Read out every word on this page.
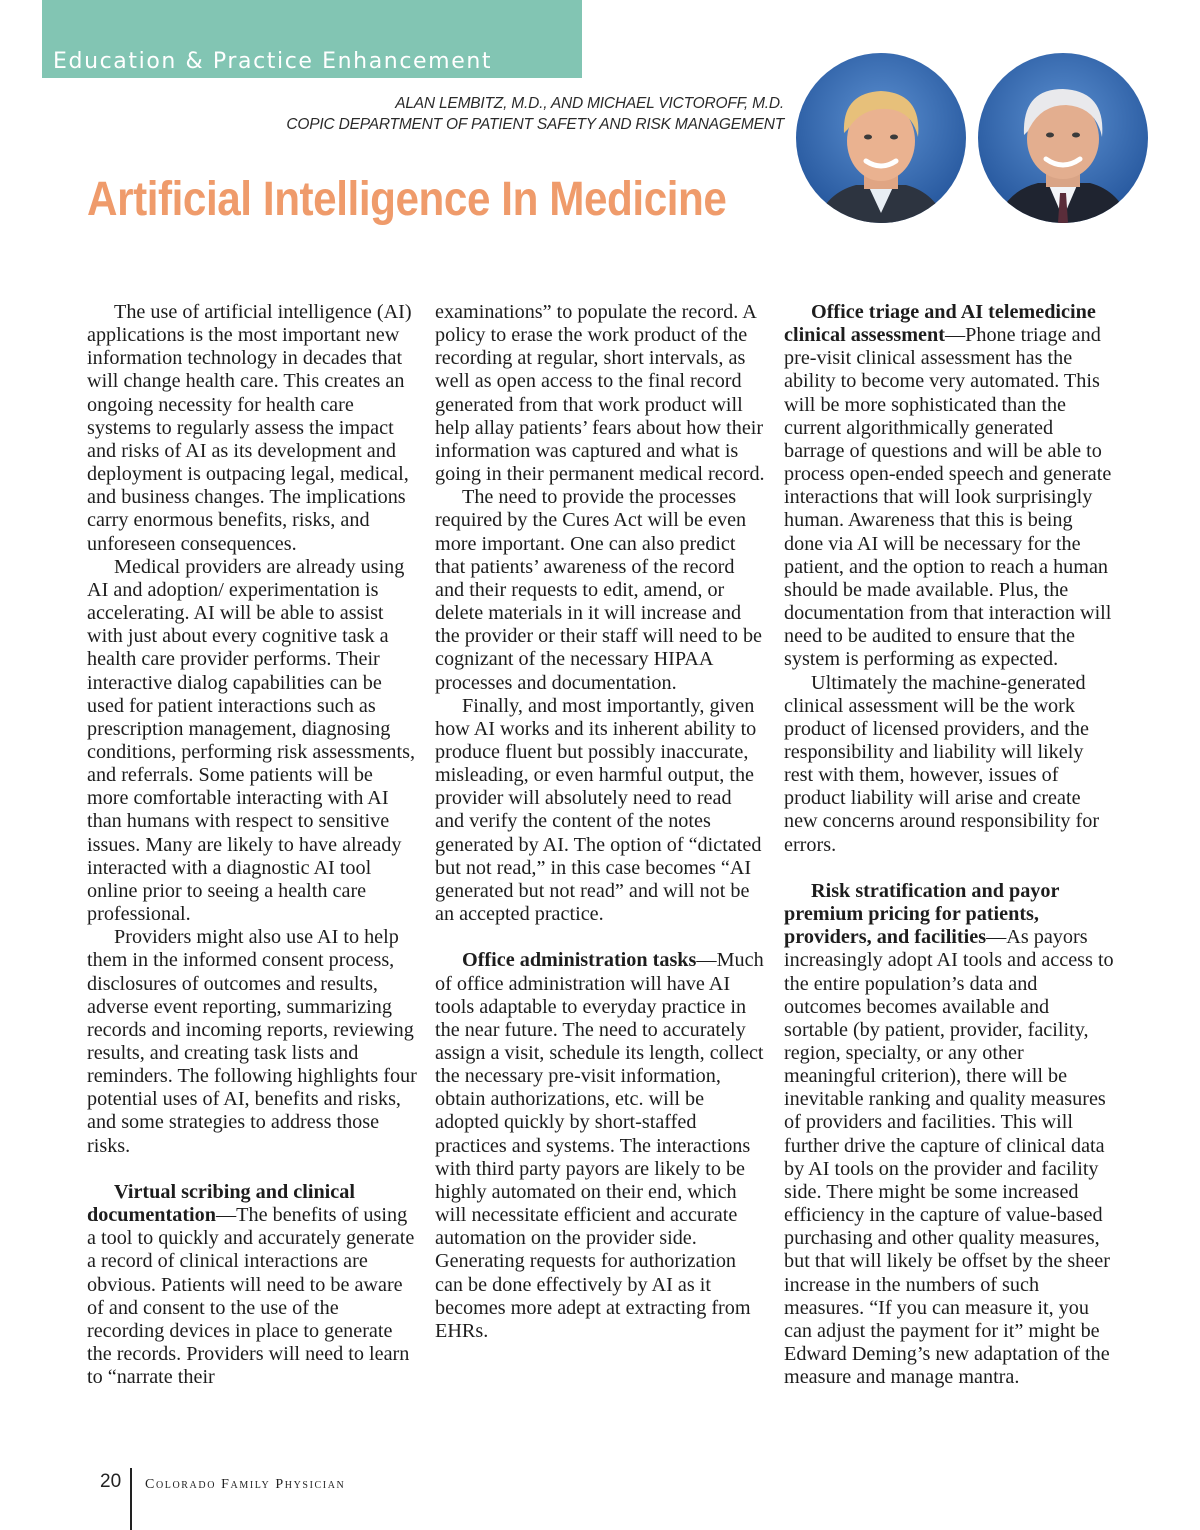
Education & Practice Enhancement
ALAN LEMBITZ, M.D., AND MICHAEL VICTOROFF, M.D.
COPIC DEPARTMENT OF PATIENT SAFETY AND RISK MANAGEMENT
Artificial Intelligence In Medicine

The use of artificial intelligence (AI) applications is the most important new information technology in decades that will change health care. This creates an ongoing necessity for health care systems to regularly assess the impact and risks of AI as its development and deployment is outpacing legal, medical, and business changes. The implications carry enormous benefits, risks, and unforeseen consequences.

Medical providers are already using AI and adoption/ experimentation is accelerating. AI will be able to assist with just about every cognitive task a health care provider performs. Their interactive dialog capabilities can be used for patient interactions such as prescription management, diagnosing conditions, performing risk assessments, and referrals. Some patients will be more comfortable interacting with AI than humans with respect to sensitive issues. Many are likely to have already interacted with a diagnostic AI tool online prior to seeing a health care professional.

Providers might also use AI to help them in the informed consent process, disclosures of outcomes and results, adverse event reporting, summarizing records and incoming reports, reviewing results, and creating task lists and reminders. The following highlights four potential uses of AI, benefits and risks, and some strategies to address those risks.

Virtual scribing and clinical documentation—The benefits of using a tool to quickly and accurately generate a record of clinical interactions are obvious. Patients will need to be aware of and consent to the use of the recording devices in place to generate the records. Providers will need to learn to “narrate their

examinations” to populate the record. A policy to erase the work product of the recording at regular, short intervals, as well as open access to the final record generated from that work product will help allay patients’ fears about how their information was captured and what is going in their permanent medical record.

The need to provide the processes required by the Cures Act will be even more important. One can also predict that patients’ awareness of the record and their requests to edit, amend, or delete materials in it will increase and the provider or their staff will need to be cognizant of the necessary HIPAA processes and documentation.

Finally, and most importantly, given how AI works and its inherent ability to produce fluent but possibly inaccurate, misleading, or even harmful output, the provider will absolutely need to read and verify the content of the notes generated by AI. The option of “dictated but not read,” in this case becomes “AI generated but not read” and will not be an accepted practice.

Office administration tasks—Much of office administration will have AI tools adaptable to everyday practice in the near future. The need to accurately assign a visit, schedule its length, collect the necessary pre-visit information, obtain authorizations, etc. will be adopted quickly by short-staffed practices and systems. The interactions with third party payors are likely to be highly automated on their end, which will necessitate efficient and accurate automation on the provider side. Generating requests for authorization can be done effectively by AI as it becomes more adept at extracting from EHRs.

Office triage and AI telemedicine clinical assessment—Phone triage and pre-visit clinical assessment has the ability to become very automated. This will be more sophisticated than the current algorithmically generated barrage of questions and will be able to process open-ended speech and generate interactions that will look surprisingly human. Awareness that this is being done via AI will be necessary for the patient, and the option to reach a human should be made available. Plus, the documentation from that interaction will need to be audited to ensure that the system is performing as expected.

Ultimately the machine-generated clinical assessment will be the work product of licensed providers, and the responsibility and liability will likely rest with them, however, issues of product liability will arise and create new concerns around responsibility for errors.

Risk stratification and payor premium pricing for patients, providers, and facilities—As payors increasingly adopt AI tools and access to the entire population’s data and outcomes becomes available and sortable (by patient, provider, facility, region, specialty, or any other meaningful criterion), there will be inevitable ranking and quality measures of providers and facilities. This will further drive the capture of clinical data by AI tools on the provider and facility side. There might be some increased efficiency in the capture of value-based purchasing and other quality measures, but that will likely be offset by the sheer increase in the numbers of such measures. “If you can measure it, you can adjust the payment for it” might be Edward Deming’s new adaptation of the measure and manage mantra.

20 Colorado Family Physician
